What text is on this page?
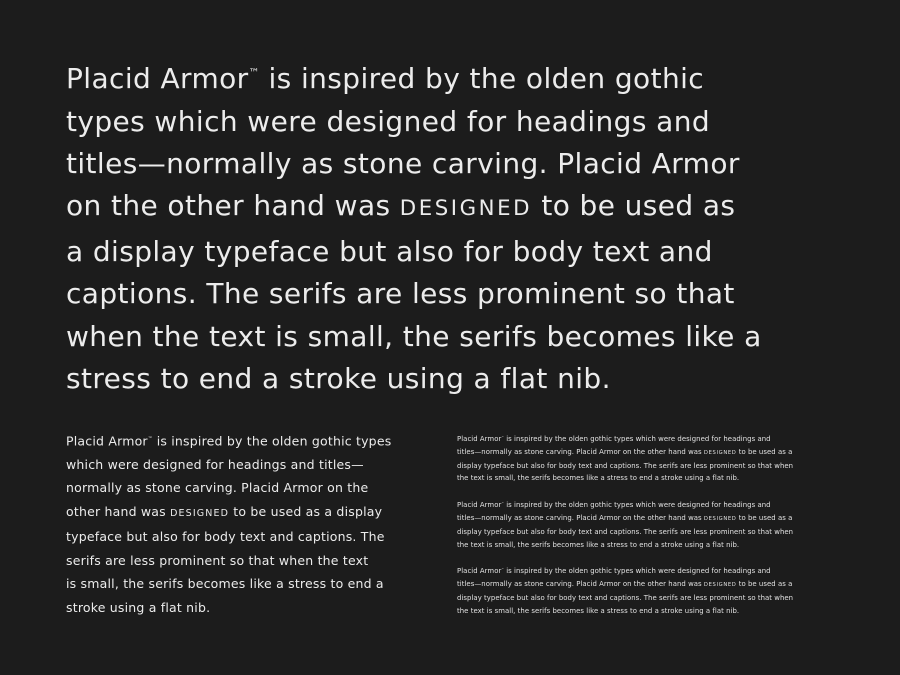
Placid Armor™ is inspired by the olden gothic
types which were designed for headings and
titles—normally as stone carving. Placid Armor
on the other hand was DESIGNED to be used as
a display typeface but also for body text and
captions. The serifs are less prominent so that
when the text is small, the serifs becomes like a
stress to end a stroke using a flat nib.

Placid Armor™ is inspired by the olden gothic types
which were designed for headings and titles—
normally as stone carving. Placid Armor on the
other hand was DESIGNED to be used as a display
typeface but also for body text and captions. The
serifs are less prominent so that when the text
is small, the serifs becomes like a stress to end a
stroke using a flat nib.

Placid Armor™ is inspired by the olden gothic types which were designed for headings and
titles—normally as stone carving. Placid Armor on the other hand was DESIGNED to be used as a
display typeface but also for body text and captions. The serifs are less prominent so that when
the text is small, the serifs becomes like a stress to end a stroke using a flat nib.

Placid Armor™ is inspired by the olden gothic types which were designed for headings and
titles—normally as stone carving. Placid Armor on the other hand was DESIGNED to be used as a
display typeface but also for body text and captions. The serifs are less prominent so that when
the text is small, the serifs becomes like a stress to end a stroke using a flat nib.

Placid Armor™ is inspired by the olden gothic types which were designed for headings and
titles—normally as stone carving. Placid Armor on the other hand was DESIGNED to be used as a
display typeface but also for body text and captions. The serifs are less prominent so that when
the text is small, the serifs becomes like a stress to end a stroke using a flat nib.
